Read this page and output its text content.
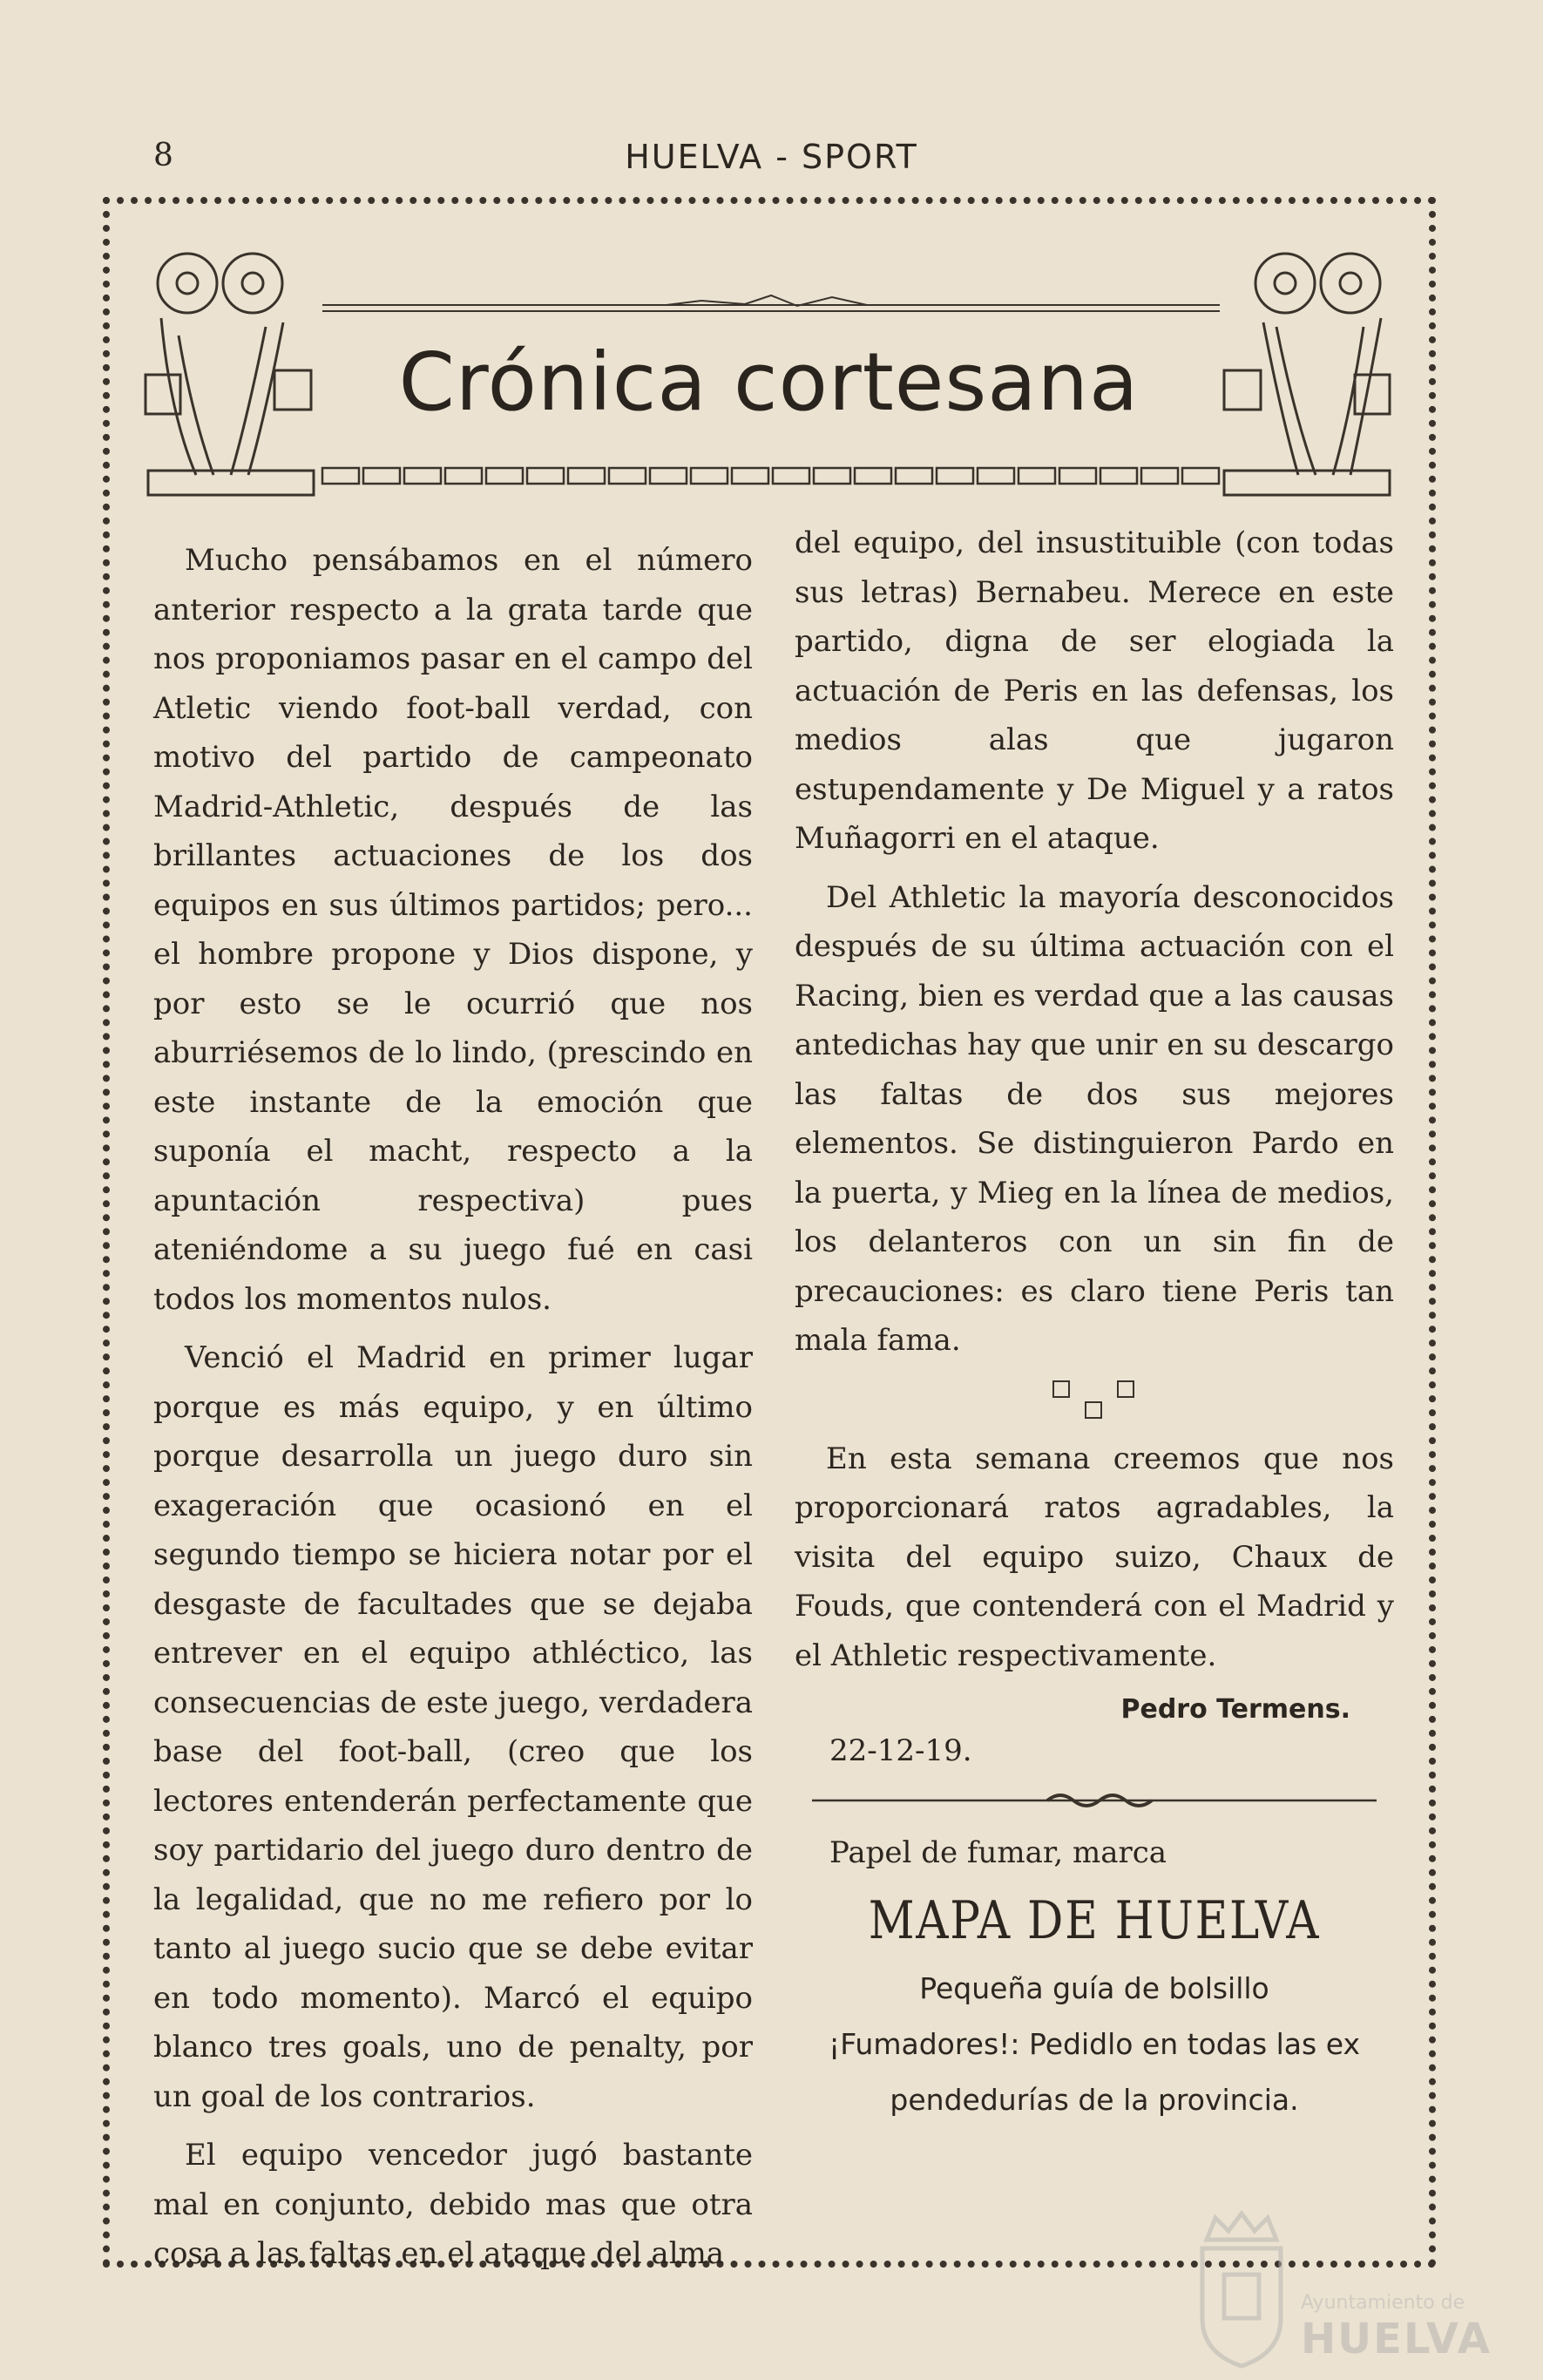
8	HUELVA - SPORT
Crónica cortesana

Mucho pensábamos en el número anterior respecto a la grata tarde que nos proponiamos pasar en el campo del Atletic viendo foot-ball verdad, con motivo del partido de campeonato Madrid-Athletic, después de las brillantes actuaciones de los dos equipos en sus últimos partidos; pero... el hombre propone y Dios dispone, y por esto se le ocurrió que nos aburriésemos de lo lindo, (prescindo en este instante de la emoción que suponía el macht, respecto a la apuntación respectiva) pues ateniéndome a su juego fué en casi todos los momentos nulos.

Venció el Madrid en primer lugar porque es más equipo, y en último porque desarrolla un juego duro sin exageración que ocasionó en el segundo tiempo se hiciera notar por el desgaste de facultades que se dejaba entrever en el equipo athléctico, las consecuencias de este juego, verdadera base del foot-ball, (creo que los lectores entenderán perfectamente que soy partidario del juego duro dentro de la legalidad, que no me refiero por lo tanto al juego sucio que se debe evitar en todo momento). Marcó el equipo blanco tres goals, uno de penalty, por un goal de los contrarios.

El equipo vencedor jugó bastante mal en conjunto, debido mas que otra cosa a las faltas en el ataque del alma

del equipo, del insustituible (con todas sus letras) Bernabeu. Merece en este partido, digna de ser elogiada la actuación de Peris en las defensas, los medios alas que jugaron estupendamente y De Miguel y a ratos Muñagorri en el ataque.

Del Athletic la mayoría desconocidos después de su última actuación con el Racing, bien es verdad que a las causas antedichas hay que unir en su descargo las faltas de dos sus mejores elementos. Se distinguieron Pardo en la puerta, y Mieg en la línea de medios, los delanteros con un sin fin de precauciones: es claro tiene Peris tan mala fama.

En esta semana creemos que nos proporcionará ratos agradables, la visita del equipo suizo, Chaux de Fouds, que contenderá con el Madrid y el Athletic respectivamente.

Pedro Termens.
22-12-19.
Papel de fumar, marca
MAPA DE HUELVA
Pequeña guía de bolsillo
¡Fumadores!: Pedidlo en todas las ex
pendedurías de la provincia.
Ayuntamiento de
HUELVA
